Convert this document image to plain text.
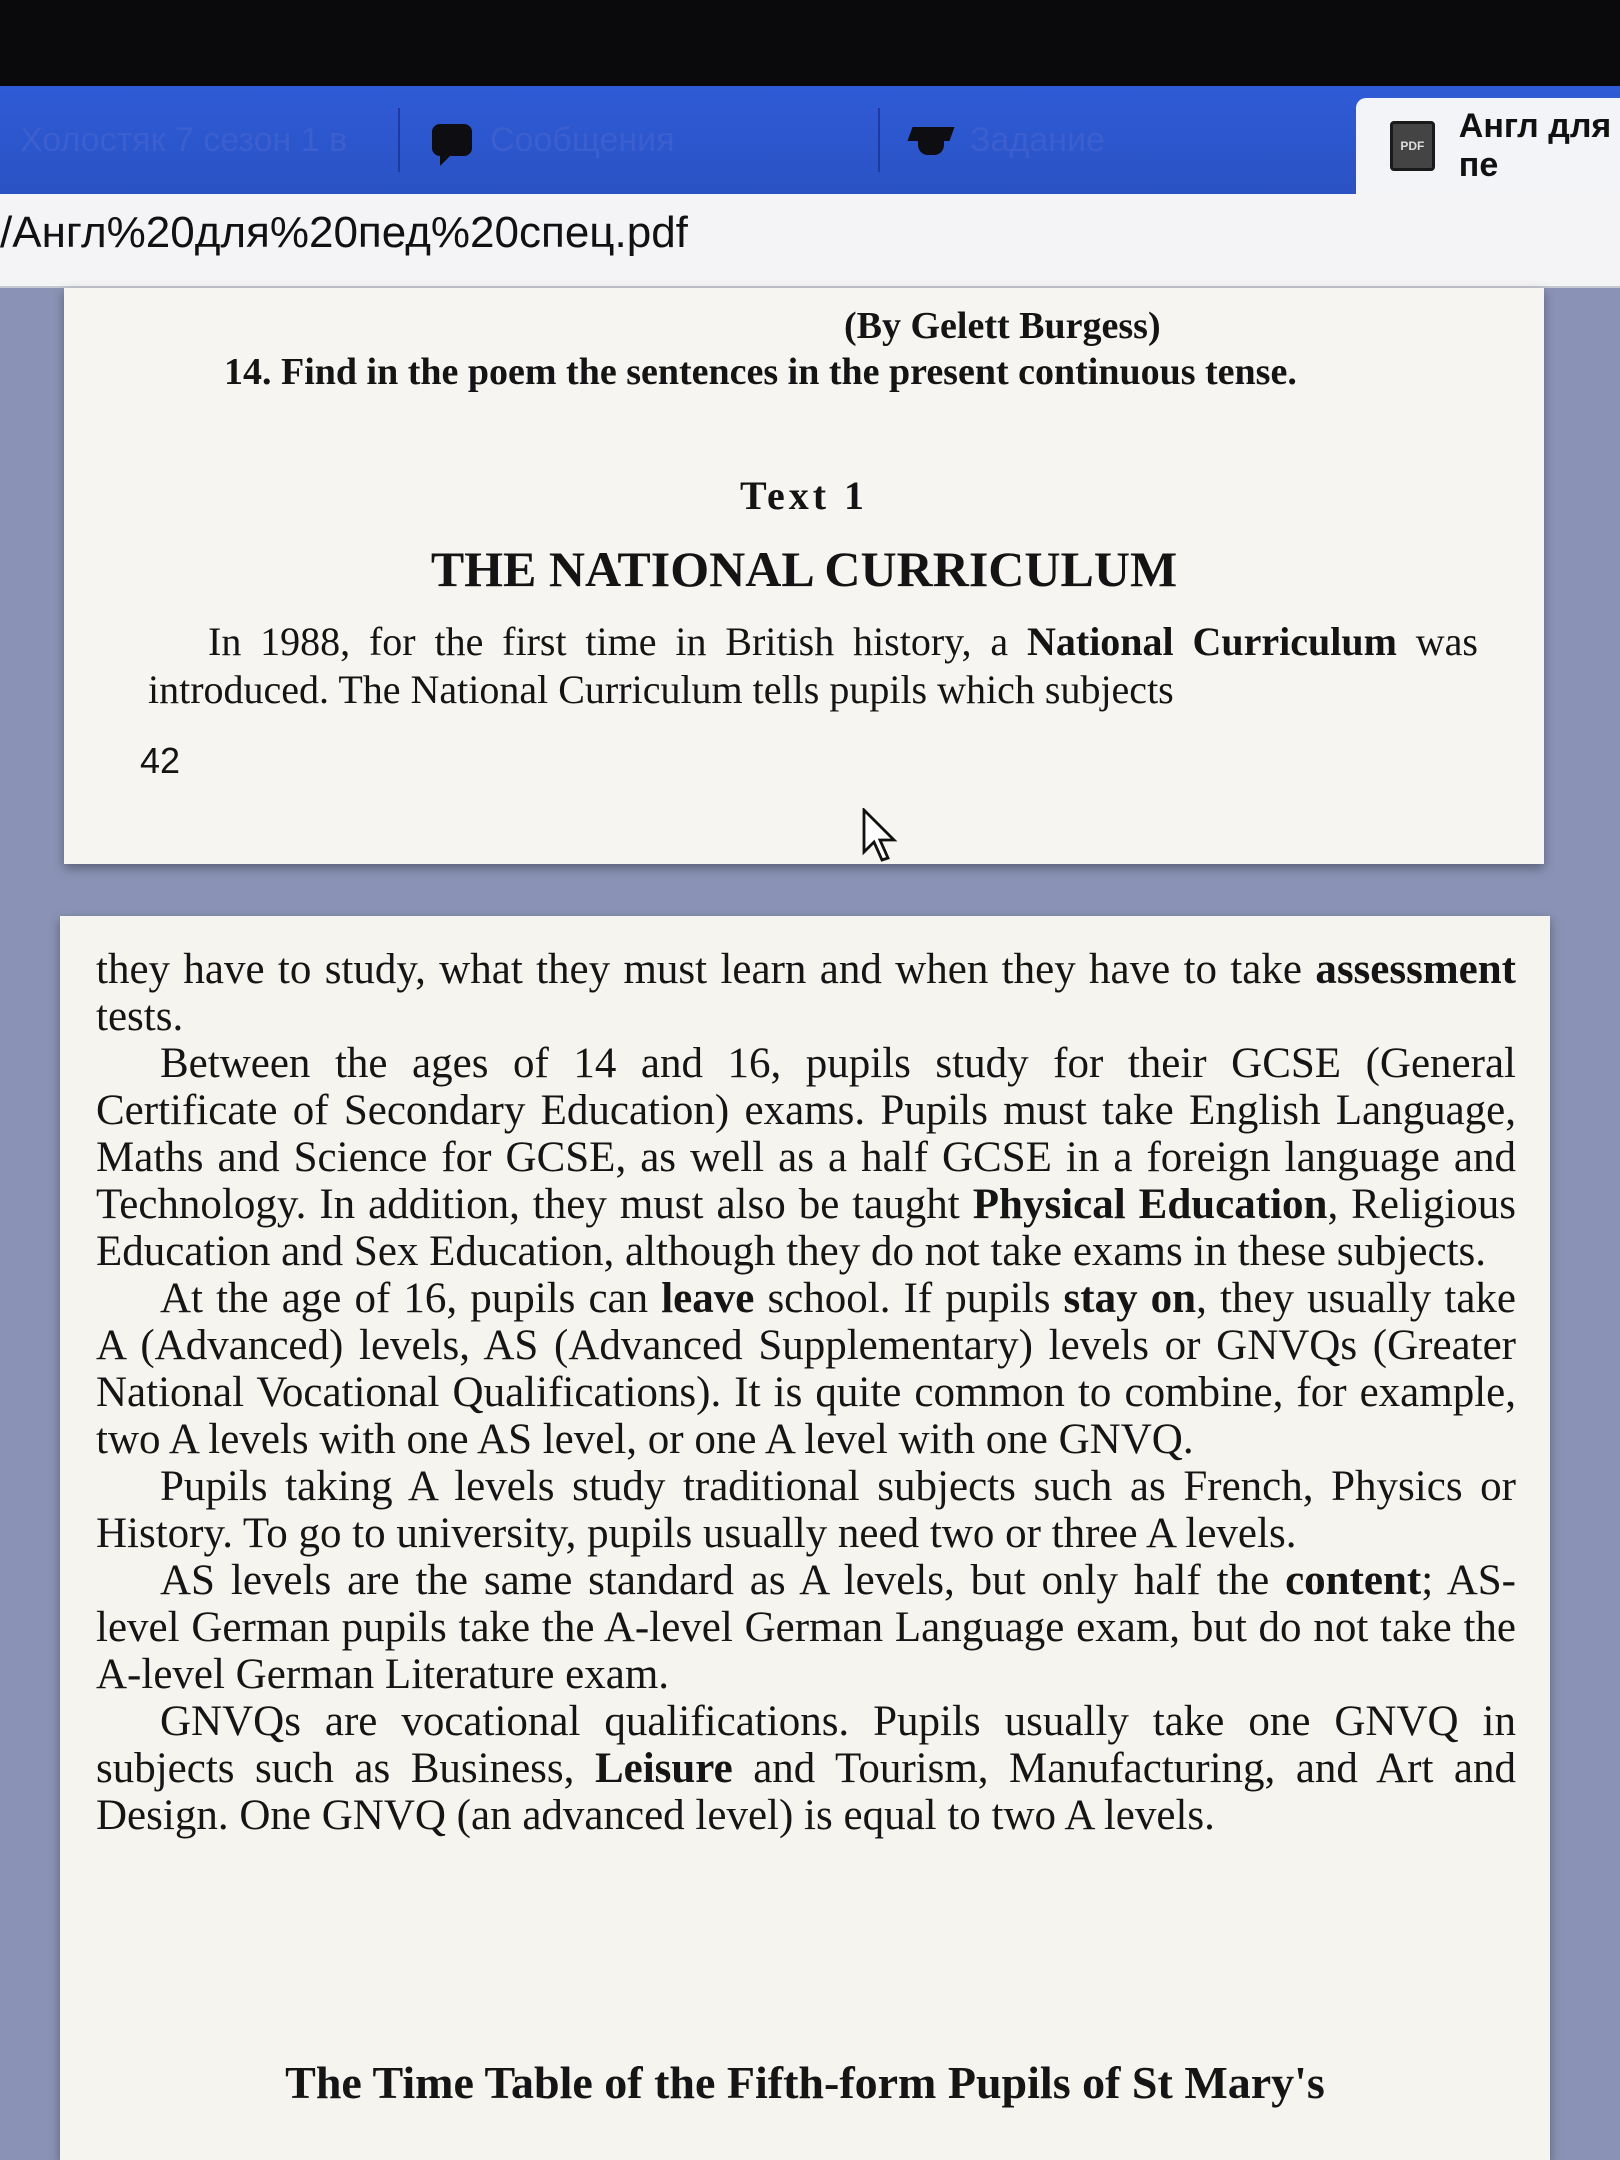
Холостяк 7 сезон 1 в	Сообщения	Задание	PDF
Англ для пе
/Англ%20для%20пед%20спец.pdf
(By Gelett Burgess)
14. Find in the poem the sentences in the present continuous tense.
Text 1
THE NATIONAL CURRICULUM

In 1988, for the first time in British history, a National Curriculum was introduced. The National Curriculum tells pupils which subjects

42

they have to study, what they must learn and when they have to take assessment tests.

Between the ages of 14 and 16, pupils study for their GCSE (General Certificate of Secondary Education) exams. Pupils must take English Language, Maths and Science for GCSE, as well as a half GCSE in a foreign language and Technology. In addition, they must also be taught Physical Education, Religious Education and Sex Education, although they do not take exams in these subjects.

At the age of 16, pupils can leave school. If pupils stay on, they usually take A (Advanced) levels, AS (Advanced Supplementary) levels or GNVQs (Greater National Vocational Qualifications). It is quite common to combine, for example, two A levels with one AS level, or one A level with one GNVQ.

Pupils taking A levels study traditional subjects such as French, Physics or History. To go to university, pupils usually need two or three A levels.

AS levels are the same standard as A levels, but only half the content; AS-level German pupils take the A-level German Language exam, but do not take the A-level German Literature exam.

GNVQs are vocational qualifications. Pupils usually take one GNVQ in subjects such as Business, Leisure and Tourism, Manufacturing, and Art and Design. One GNVQ (an advanced level) is equal to two A levels.

The Time Table of the Fifth-form Pupils of St Mary's
